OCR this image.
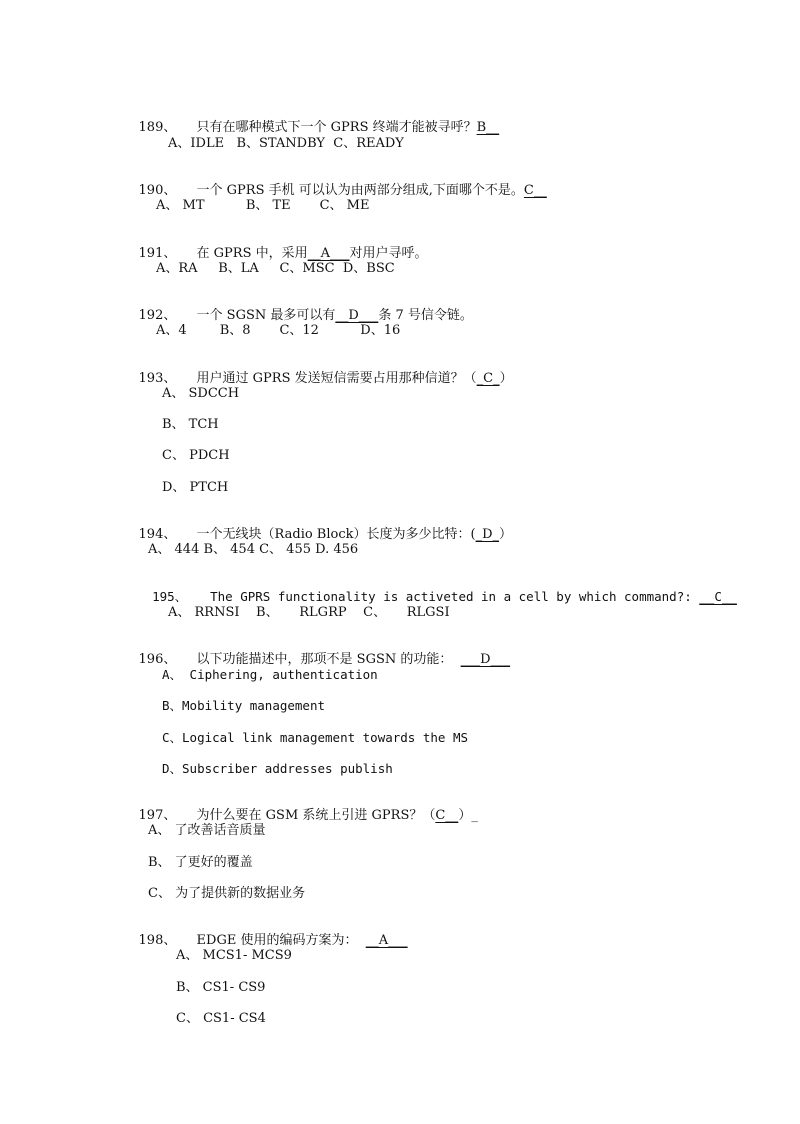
189、 只有在哪种模式下一个 GPRS 终端才能被寻呼？B__

A、IDLE   B、STANDBY  C、READY

190、 一个 GPRS 手机 可以认为由两部分组成,下面哪个不是。C__

A、 MT          B、 TE       C、 ME

191、 在 GPRS 中，采用__A___对用户寻呼。

A、RA     B、LA     C、MSC  D、BSC

192、 一个 SGSN 最多可以有__D___条 7 号信令链。

A、4        B、8       C、12          D、16

193、 用户通过 GPRS 发送短信需要占用那种信道？（_C_）

A、 SDCCH
B、 TCH
C、 PDCH
D、 PTCH

194、 一个无线块（Radio Block）长度为多少比特：(_D_）

A、 444 B、 454 C、 455 D. 456

195、 The GPRS functionality is activeted in a cell by which command?: __C__

A、 RRNSI    B、     RLGRP    C、     RLGSI

196、 以下功能描述中，那项不是 SGSN 的功能：  ___D___

A、 Ciphering, authentication
B、Mobility management
C、Logical link management towards the MS
D、Subscriber addresses publish

197、 为什么要在 GSM 系统上引进 GPRS？（C__）_

A、 了改善话音质量
B、 了更好的覆盖
C、 为了提供新的数据业务

198、 EDGE 使用的编码方案为：  __A___

A、 MCS1- MCS9
B、 CS1- CS9
C、 CS1- CS4
